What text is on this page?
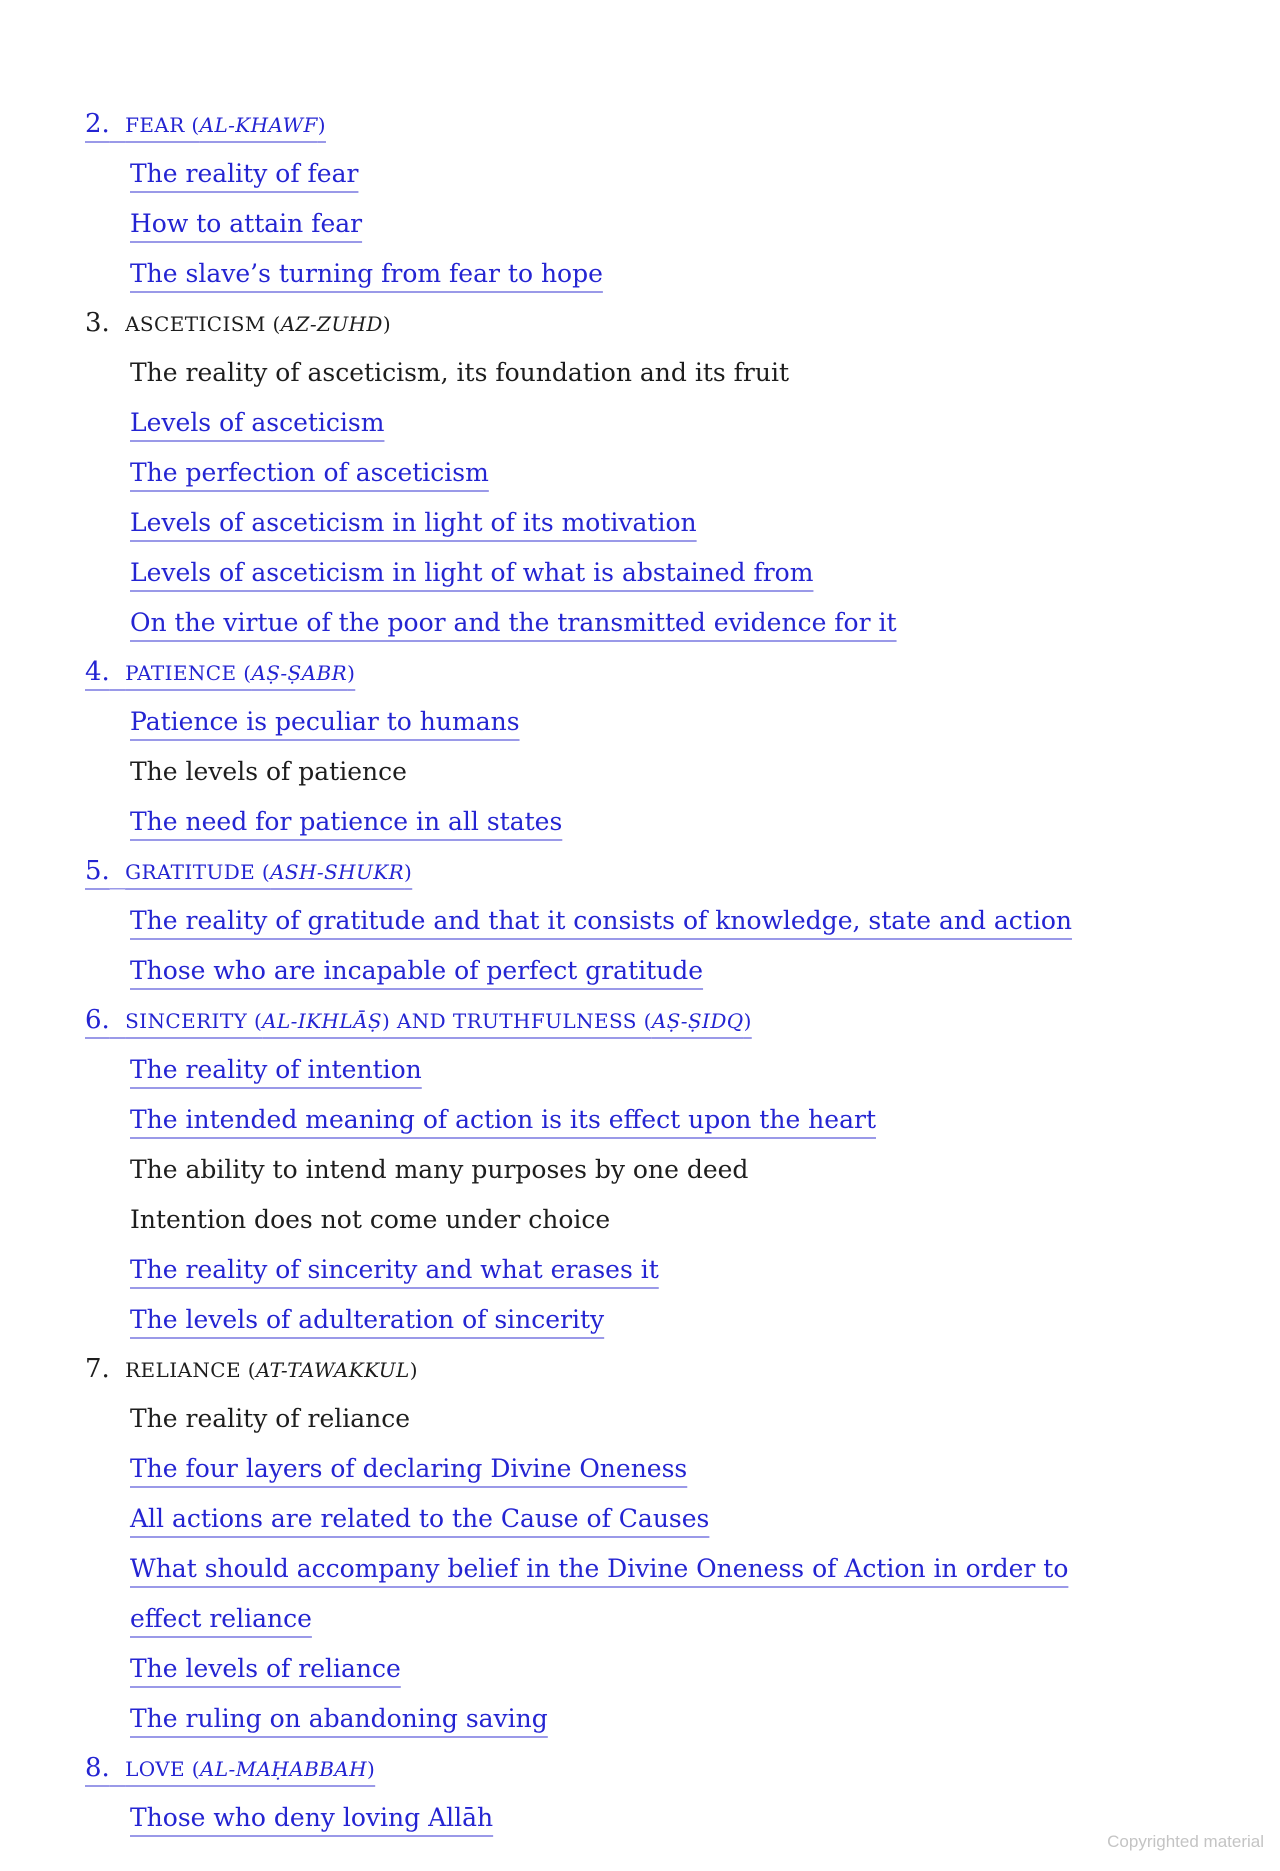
2. FEAR (AL-KHAWF)
The reality of fear
How to attain fear
The slave’s turning from fear to hope
3. ASCETICISM (AZ-ZUHD)
The reality of asceticism, its foundation and its fruit
Levels of asceticism
The perfection of asceticism
Levels of asceticism in light of its motivation
Levels of asceticism in light of what is abstained from
On the virtue of the poor and the transmitted evidence for it
4. PATIENCE (AṢ-ṢABR)
Patience is peculiar to humans
The levels of patience
The need for patience in all states
5. GRATITUDE (ASH-SHUKR)
The reality of gratitude and that it consists of knowledge, state and action
Those who are incapable of perfect gratitude
6. SINCERITY (AL-IKHLĀṢ) AND TRUTHFULNESS (AṢ-ṢIDQ)
The reality of intention
The intended meaning of action is its effect upon the heart
The ability to intend many purposes by one deed
Intention does not come under choice
The reality of sincerity and what erases it
The levels of adulteration of sincerity
7. RELIANCE (AT-TAWAKKUL)
The reality of reliance
The four layers of declaring Divine Oneness
All actions are related to the Cause of Causes
What should accompany belief in the Divine Oneness of Action in order to effect reliance
The levels of reliance
The ruling on abandoning saving
8. LOVE (AL-MAḤABBAH)
Those who deny loving Allāh
Copyrighted material
